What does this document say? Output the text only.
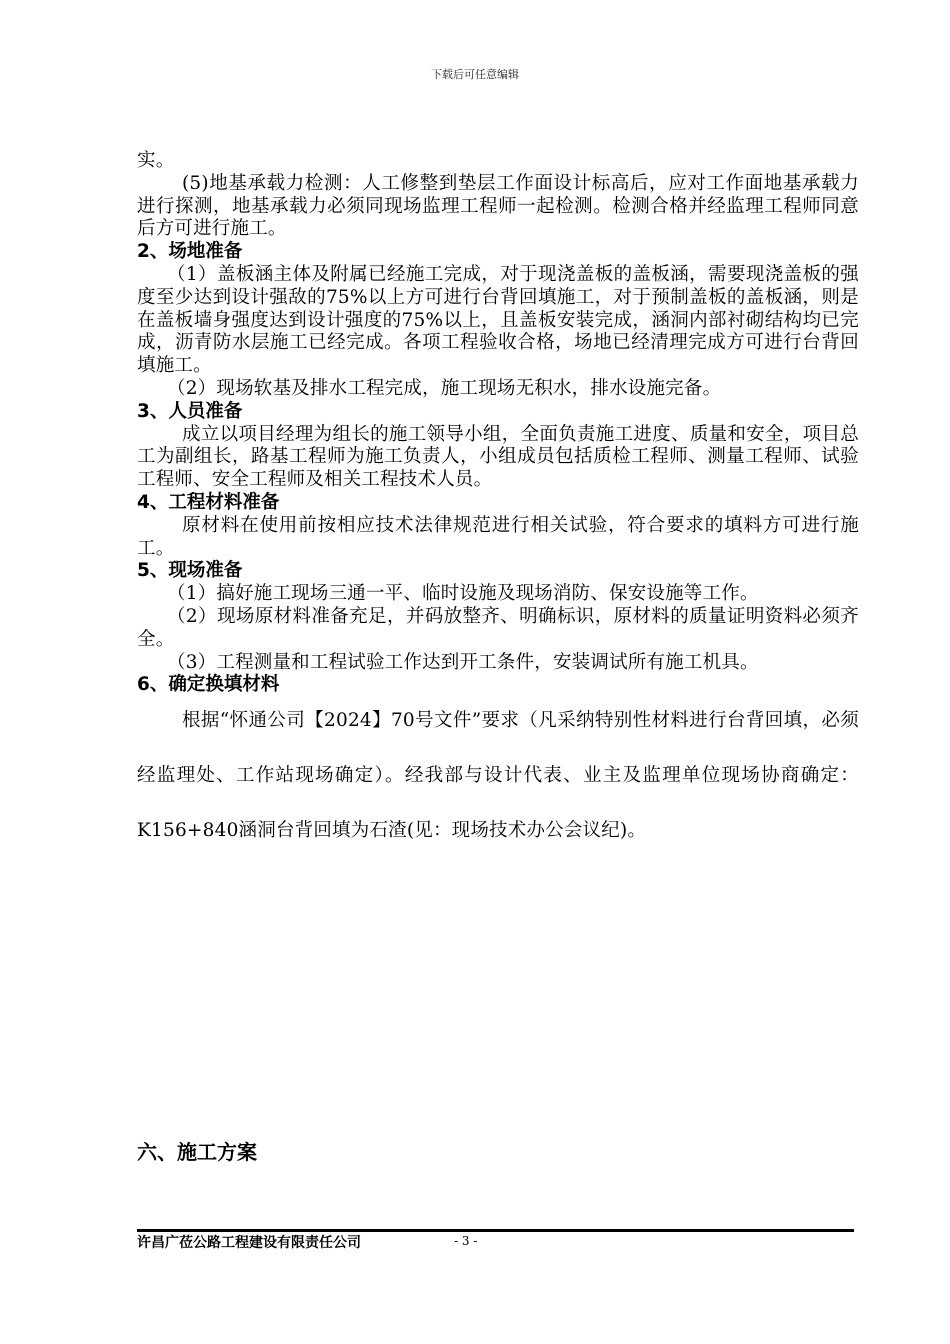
下载后可任意编辑

实。

(5)地基承载力检测：人工修整到垫层工作面设计标高后，应对工作面地基承载力进行探测，地基承载力必须同现场监理工程师一起检测。检测合格并经监理工程师同意后方可进行施工。

2、场地准备

（1）盖板涵主体及附属已经施工完成，对于现浇盖板的盖板涵，需要现浇盖板的强度至少达到设计强敌的75%以上方可进行台背回填施工，对于预制盖板的盖板涵，则是在盖板墙身强度达到设计强度的75%以上，且盖板安装完成，涵洞内部衬砌结构均已完成，沥青防水层施工已经完成。各项工程验收合格，场地已经清理完成方可进行台背回填施工。

（2）现场软基及排水工程完成，施工现场无积水，排水设施完备。

3、人员准备

成立以项目经理为组长的施工领导小组，全面负责施工进度、质量和安全，项目总工为副组长，路基工程师为施工负责人，小组成员包括质检工程师、测量工程师、试验工程师、安全工程师及相关工程技术人员。

4、工程材料准备

原材料在使用前按相应技术法律规范进行相关试验，符合要求的填料方可进行施工。

5、现场准备

（1）搞好施工现场三通一平、临时设施及现场消防、保安设施等工作。

（2）现场原材料准备充足，并码放整齐、明确标识，原材料的质量证明资料必须齐全。

（3）工程测量和工程试验工作达到开工条件，安装调试所有施工机具。

6、确定换填材料

根据“怀通公司【2024】70号文件”要求（凡采纳特别性材料进行台背回填，必须经监理处、工作站现场确定）。经我部与设计代表、业主及监理单位现场协商确定：K156+840涵洞台背回填为石渣(见：现场技术办公会议纪)。

六、施工方案
许昌广莅公路工程建设有限责任公司	- 3 -
